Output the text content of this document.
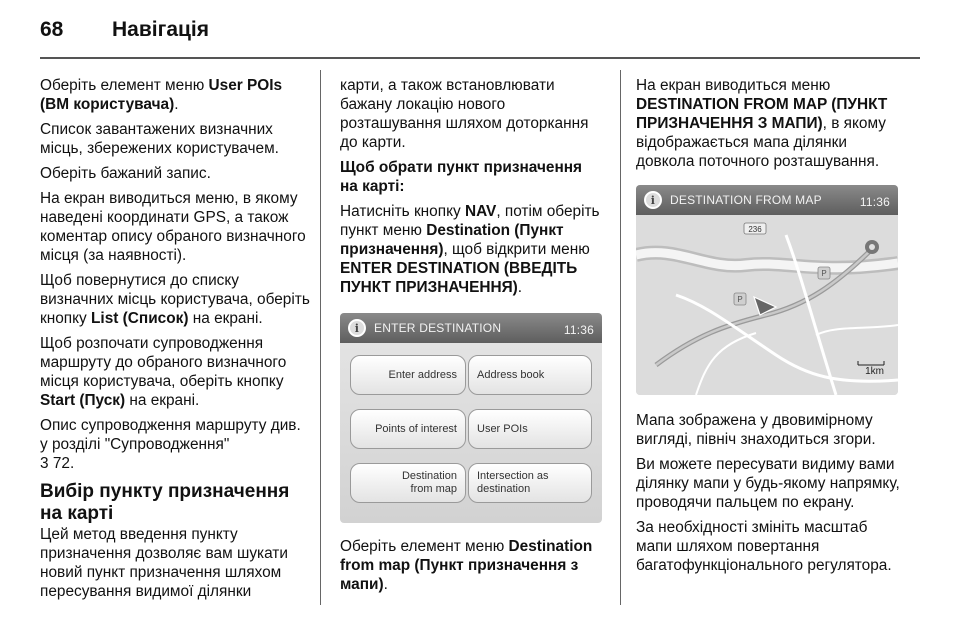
68	Навігація

Оберіть елемент меню User POIs (ВМ користувача).

Список завантажених визначних місць, збережених користувачем.

Оберіть бажаний запис.

На екран виводиться меню, в якому наведені координати GPS, а також коментар опису обраного визначного місця (за наявності).

Щоб повернутися до списку визначних місць користувача, оберіть кнопку List (Список) на екрані.

Щоб розпочати супроводження маршруту до обраного визначного місця користувача, оберіть кнопку Start (Пуск) на екрані.

Опис супроводження маршруту див. у розділі "Супроводження"
3 72.

Вибір пункту призначення на карті

Цей метод введення пункту призначення дозволяє вам шукати новий пункт призначення шляхом пересування видимої ділянки

карти, а також встановлювати бажану локацію нового розташування шляхом доторкання до карти.

Щоб обрати пункт призначення на карті:

Натисніть кнопку NAV, потім оберіть пункт меню Destination (Пункт призначення), щоб відкрити меню ENTER DESTINATION (ВВЕДІТЬ ПУНКТ ПРИЗНАЧЕННЯ).

i	ENTER DESTINATION	11:36
Enter address Address book
Points of interest User POIs
Destination
from map
Intersection as
destination

Оберіть елемент меню Destination from map (Пункт призначення з мапи).

На екран виводиться меню DESTINATION FROM MAP (ПУНКТ ПРИЗНАЧЕННЯ З МАПИ), в якому відображається мапа ділянки довкола поточного розташування.

i	DESTINATION FROM MAP	11:36
236
P
P
1km

Мапа зображена у двовимірному вигляді, північ знаходиться згори.

Ви можете пересувати видиму вами ділянку мапи у будь-якому напрямку, проводячи пальцем по екрану.

За необхідності змініть масштаб мапи шляхом повертання багатофункціонального регулятора.
